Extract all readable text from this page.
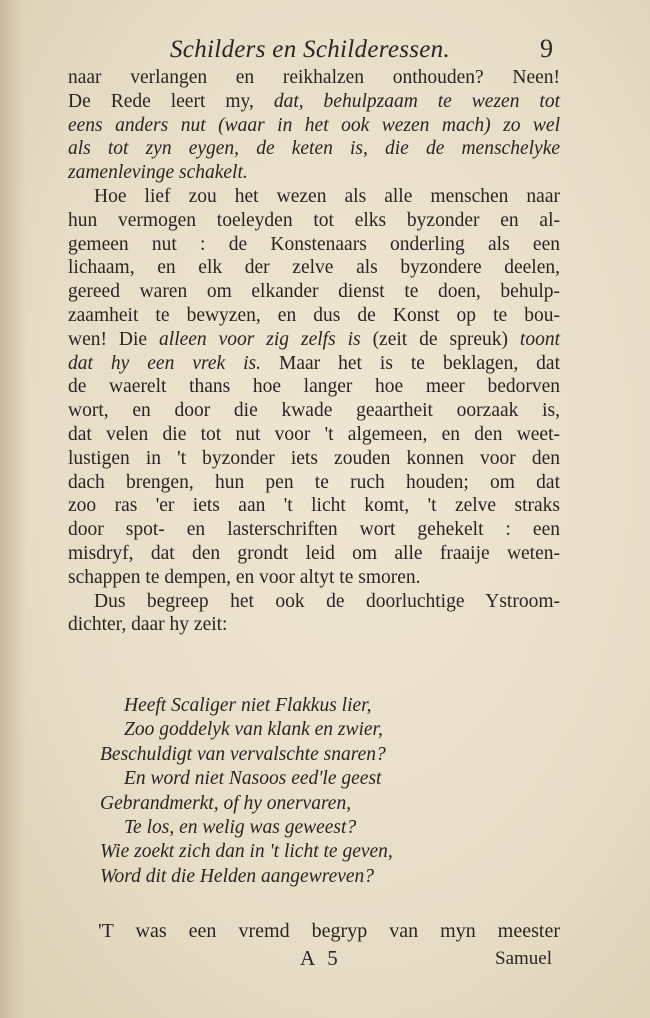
Schilders en Schilderessen.	9

naar verlangen en reikhalzen onthouden? Neen!
De Rede leert my, dat, behulpzaam te wezen tot
eens anders nut (waar in het ook wezen mach) zo wel
als tot zyn eygen, de keten is, die de menschelyke
zamenlevinge schakelt.

Hoe lief zou het wezen als alle menschen naar
hun vermogen toeleyden tot elks byzonder en al-
gemeen nut : de Konstenaars onderling als een
lichaam, en elk der zelve als byzondere deelen,
gereed waren om elkander dienst te doen, behulp-
zaamheit te bewyzen, en dus de Konst op te bou-
wen! Die alleen voor zig zelfs is (zeit de spreuk) toont
dat hy een vrek is. Maar het is te beklagen, dat
de waerelt thans hoe langer hoe meer bedorven
wort, en door die kwade geaartheit oorzaak is,
dat velen die tot nut voor 't algemeen, en den weet-
lustigen in 't byzonder iets zouden konnen voor den
dach brengen, hun pen te ruch houden; om dat
zoo ras 'er iets aan 't licht komt, 't zelve straks
door spot- en lasterschriften wort gehekelt : een
misdryf, dat den grondt leid om alle fraaije weten-
schappen te dempen, en voor altyt te smoren.

Dus begreep het ook de doorluchtige Ystroom-
dichter, daar hy zeit:

Heeft Scaliger niet Flakkus lier,
Zoo goddelyk van klank en zwier,
Beschuldigt van vervalschte snaren?
En word niet Nasoos eed'le geest
Gebrandmerkt, of hy onervaren,
Te los, en welig was geweest?
Wie zoekt zich dan in 't licht te geven,
Word dit die Helden aangewreven?
'T was een vremd begryp van myn meester
A 5	Samuel
